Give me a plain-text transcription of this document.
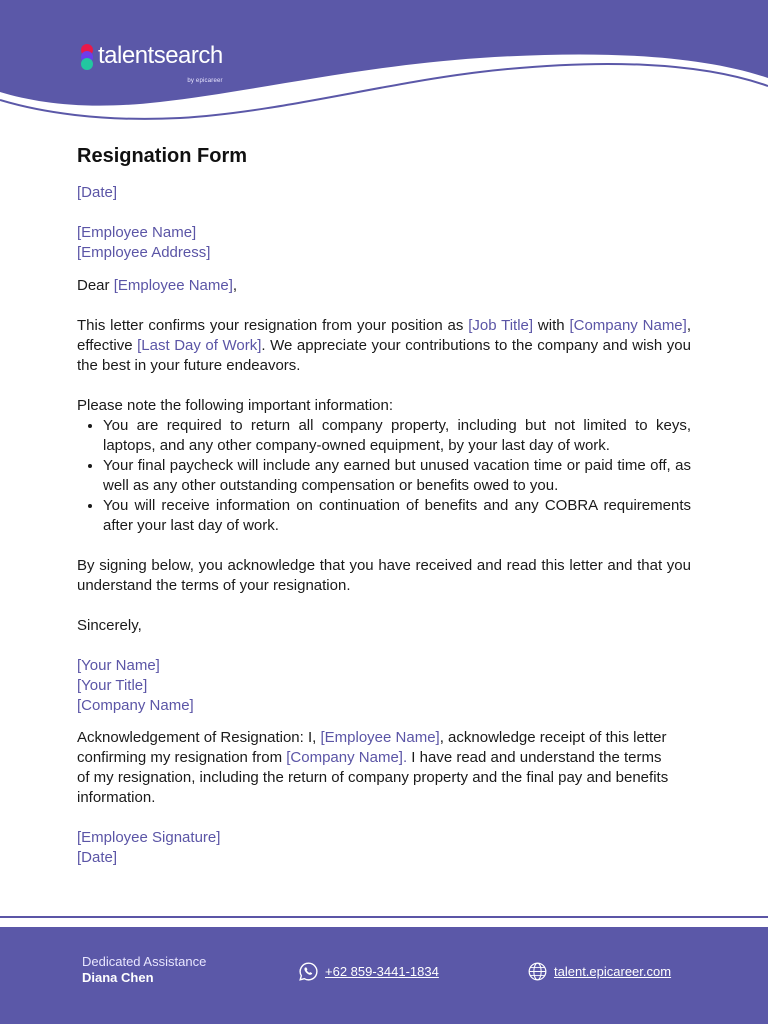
talentsearch
by epicareer
Resignation Form

[Date]

[Employee Name]

[Employee Address]

Dear [Employee Name],

This letter confirms your resignation from your position as [Job Title] with [Company Name], effective [Last Day of Work]. We appreciate your contributions to the company and wish you the best in your future endeavors.

Please note the following important information:

• You are required to return all company property, including but not limited to keys, laptops, and any other company-owned equipment, by your last day of work.
• Your final paycheck will include any earned but unused vacation time or paid time off, as well as any other outstanding compensation or benefits owed to you.
• You will receive information on continuation of benefits and any COBRA requirements after your last day of work.

By signing below, you acknowledge that you have received and read this letter and that you understand the terms of your resignation.

Sincerely,

[Your Name]

[Your Title]

[Company Name]

Acknowledgement of Resignation: I, [Employee Name], acknowledge receipt of this letter confirming my resignation from [Company Name]. I have read and understand the terms of my resignation, including the return of company property and the final pay and benefits information.

[Employee Signature]

[Date]

Dedicated Assistance
Diana Chen	+62 859-3441-1834	talent.epicareer.com
